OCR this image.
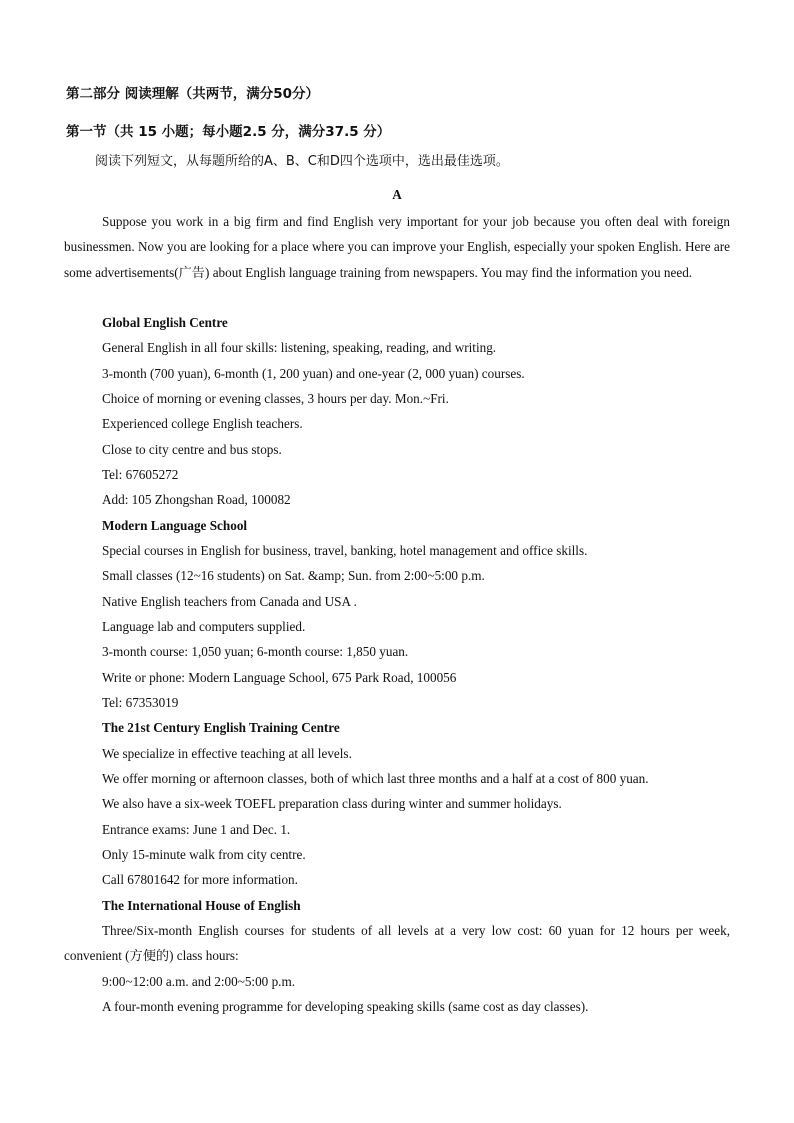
第二部分 阅读理解（共两节，满分50分）
第一节（共 15 小题；每小题2.5 分，满分37.5 分）
阅读下列短文，从每题所给的A、B、C和D四个选项中，选出最佳选项。
A

Suppose you work in a big firm and find English very important for your job because you often deal with foreign businessmen. Now you are looking for a place where you can improve your English, especially your spoken English. Here are some advertisements(广告) about English language training from newspapers. You may find the information you need.

Global English Centre
General English in all four skills: listening, speaking, reading, and writing.
3-month (700 yuan), 6-month (1, 200 yuan) and one-year (2, 000 yuan) courses.
Choice of morning or evening classes, 3 hours per day. Mon.~Fri.
Experienced college English teachers.
Close to city centre and bus stops.
Tel: 67605272
Add: 105 Zhongshan Road, 100082
Modern Language School
Special courses in English for business, travel, banking, hotel management and office skills.
Small classes (12~16 students) on Sat. &amp; Sun. from 2:00~5:00 p.m.
Native English teachers from Canada and USA .
Language lab and computers supplied.
3-month course: 1,050 yuan; 6-month course: 1,850 yuan.
Write or phone: Modern Language School, 675 Park Road, 100056
Tel: 67353019
The 21st Century English Training Centre
We specialize in effective teaching at all levels.
We offer morning or afternoon classes, both of which last three months and a half at a cost of 800 yuan.
We also have a six-week TOEFL preparation class during winter and summer holidays.
Entrance exams: June 1 and Dec. 1.
Only 15-minute walk from city centre.
Call 67801642 for more information.
The International House of English

Three/Six-month English courses for students of all levels at a very low cost: 60 yuan for 12 hours per week, convenient (方便的) class hours:

9:00~12:00 a.m. and 2:00~5:00 p.m.
A four-month evening programme for developing speaking skills (same cost as day classes).
